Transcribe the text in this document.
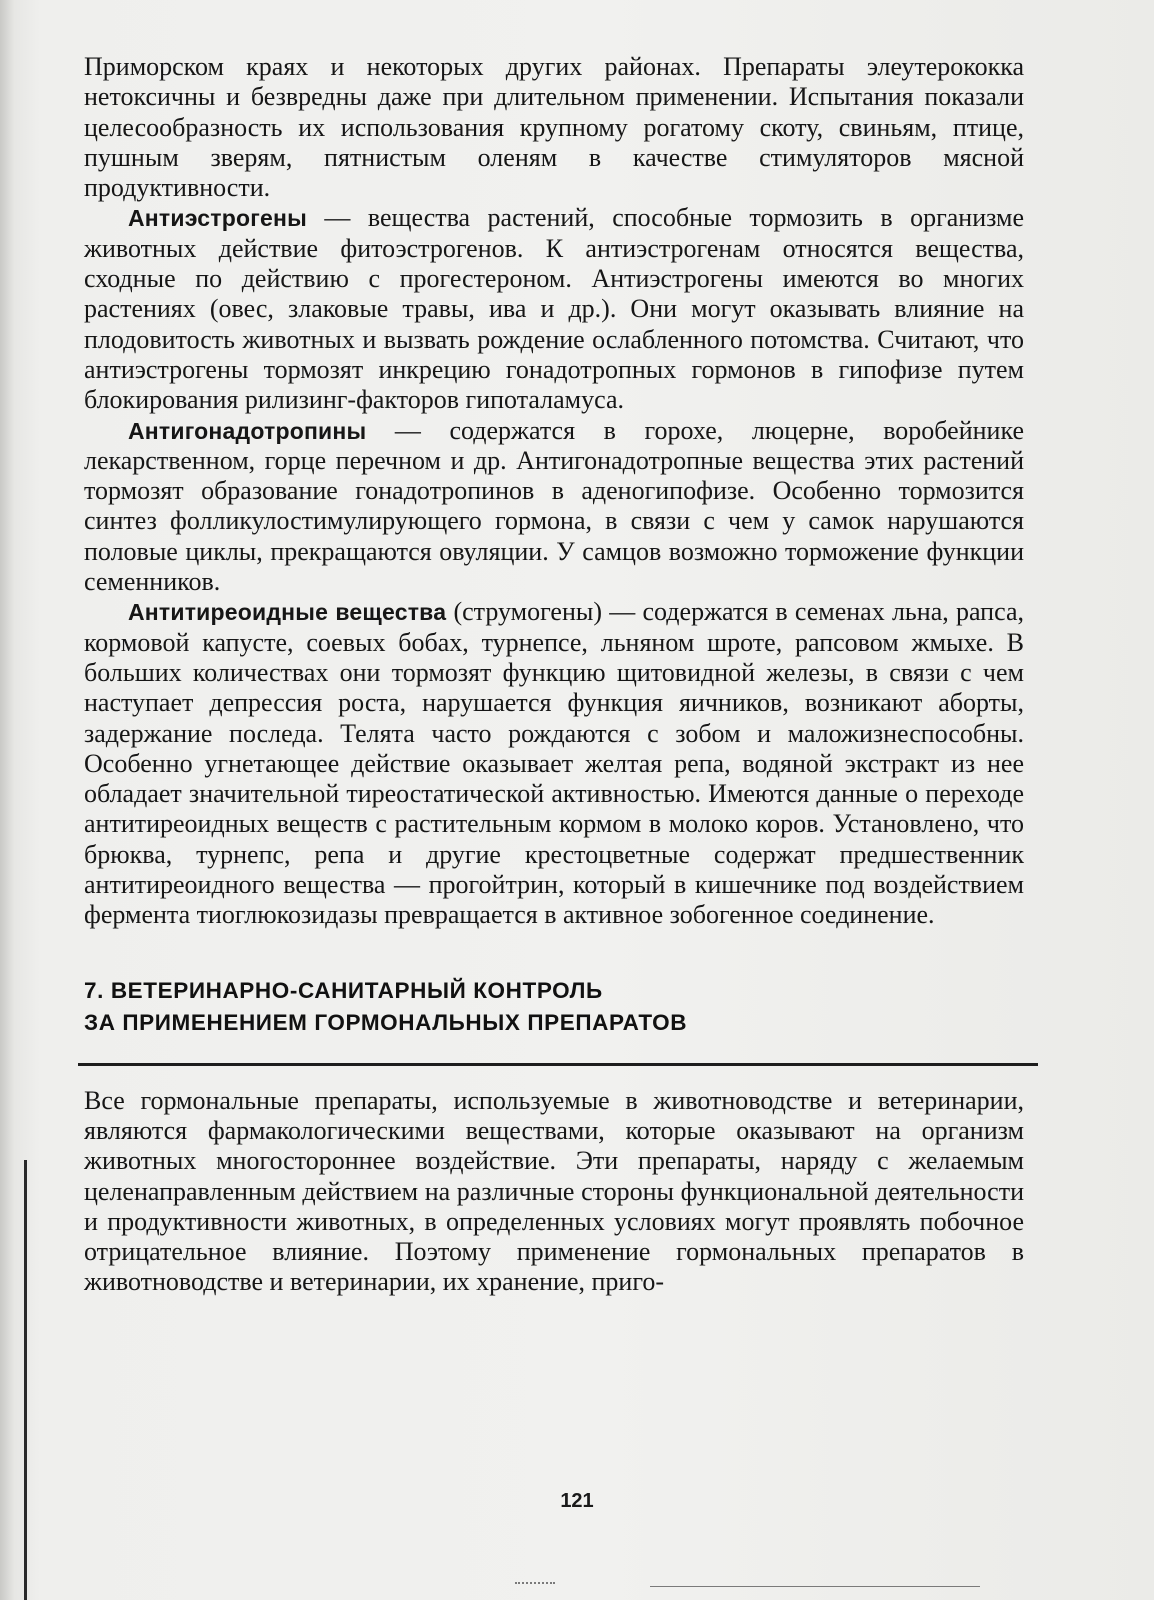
Приморском краях и некоторых других районах. Препараты элеутерококка нетоксичны и безвредны даже при длительном применении. Испытания показали целесообразность их использования крупному рогатому скоту, свиньям, птице, пушным зверям, пятнистым оленям в качестве стимуляторов мясной продуктивности.

Антиэстрогены — вещества растений, способные тормозить в организме животных действие фитоэстрогенов. К антиэстрогенам относятся вещества, сходные по действию с прогестероном. Антиэстрогены имеются во многих растениях (овес, злаковые травы, ива и др.). Они могут оказывать влияние на плодовитость животных и вызвать рождение ослабленного потомства. Считают, что антиэстрогены тормозят инкрецию гонадотропных гормонов в гипофизе путем блокирования рилизинг-факторов гипоталамуса.

Антигонадотропины — содержатся в горохе, люцерне, воробейнике лекарственном, горце перечном и др. Антигонадотропные вещества этих растений тормозят образование гонадотропинов в аденогипофизе. Особенно тормозится синтез фолликулостимулирующего гормона, в связи с чем у самок нарушаются половые циклы, прекращаются овуляции. У самцов возможно торможение функции семенников.

Антитиреоидные вещества (струмогены) — содержатся в семенах льна, рапса, кормовой капусте, соевых бобах, турнепсе, льняном шроте, рапсовом жмыхе. В больших количествах они тормозят функцию щитовидной железы, в связи с чем наступает депрессия роста, нарушается функция яичников, возникают аборты, задержание последа. Телята часто рождаются с зобом и маложизнеспособны. Особенно угнетающее действие оказывает желтая репа, водяной экстракт из нее обладает значительной тиреостатической активностью. Имеются данные о переходе антитиреоидных веществ с растительным кормом в молоко коров. Установлено, что брюква, турнепс, репа и другие крестоцветные содержат предшественник антитиреоидного вещества — прогойтрин, который в кишечнике под воздействием фермента тиоглюкозидазы превращается в активное зобогенное соединение.

7. ВЕТЕРИНАРНО-САНИТАРНЫЙ КОНТРОЛЬ
ЗА ПРИМЕНЕНИЕМ ГОРМОНАЛЬНЫХ ПРЕПАРАТОВ

Все гормональные препараты, используемые в животноводстве и ветеринарии, являются фармакологическими веществами, которые оказывают на организм животных многостороннее воздействие. Эти препараты, наряду с желаемым целенаправленным действием на различные стороны функциональной деятельности и продуктивности животных, в определенных условиях могут проявлять побочное отрицательное влияние. Поэтому применение гормональных препаратов в животноводстве и ветеринарии, их хранение, приго-

121
